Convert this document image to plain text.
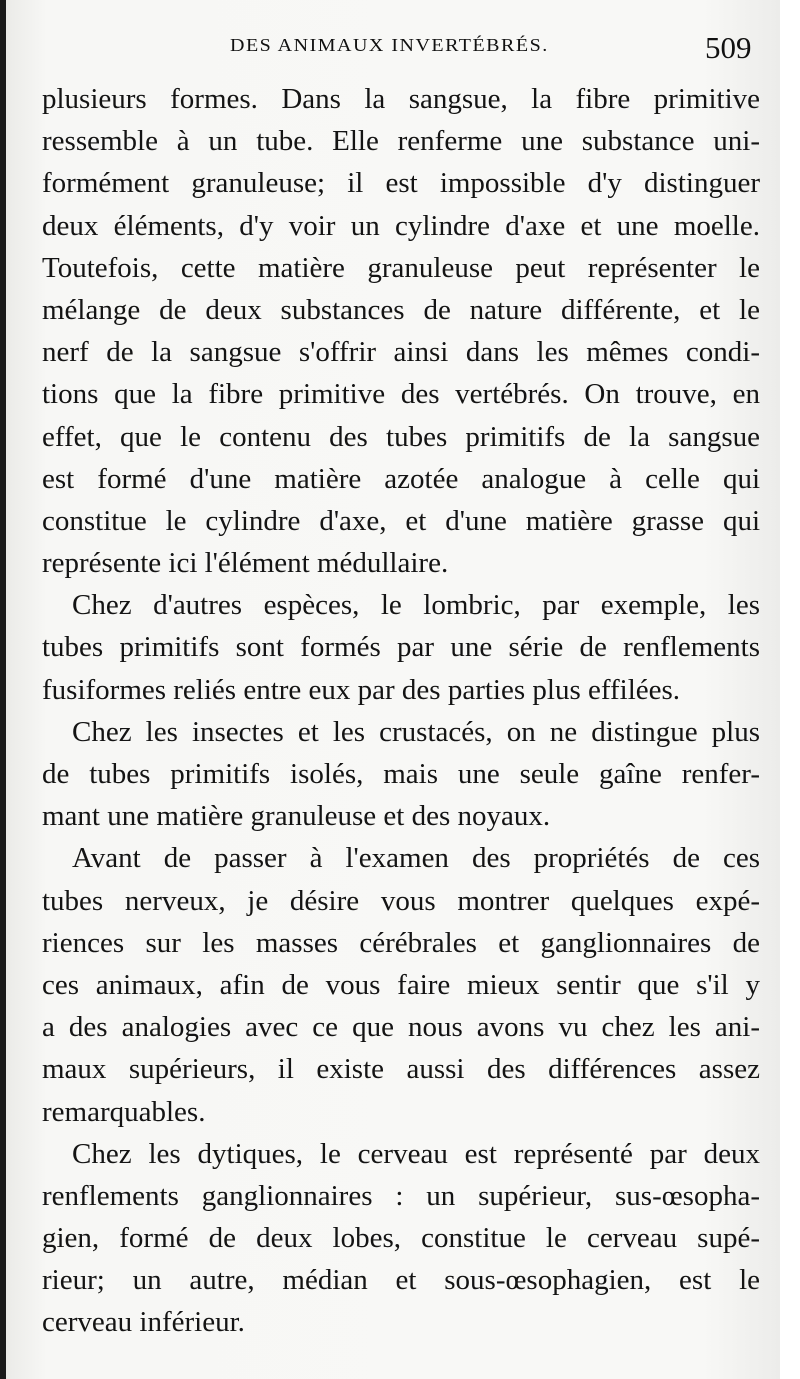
DES ANIMAUX INVERTÉBRÉS.	509
plusieurs formes. Dans la sangsue, la fibre primitive
ressemble à un tube. Elle renferme une substance uni-
formément granuleuse; il est impossible d'y distinguer
deux éléments, d'y voir un cylindre d'axe et une moelle.
Toutefois, cette matière granuleuse peut représenter le
mélange de deux substances de nature différente, et le
nerf de la sangsue s'offrir ainsi dans les mêmes condi-
tions que la fibre primitive des vertébrés. On trouve, en
effet, que le contenu des tubes primitifs de la sangsue
est formé d'une matière azotée analogue à celle qui
constitue le cylindre d'axe, et d'une matière grasse qui
représente ici l'élément médullaire.
Chez d'autres espèces, le lombric, par exemple, les
tubes primitifs sont formés par une série de renflements
fusiformes reliés entre eux par des parties plus effilées.
Chez les insectes et les crustacés, on ne distingue plus
de tubes primitifs isolés, mais une seule gaîne renfer-
mant une matière granuleuse et des noyaux.
Avant de passer à l'examen des propriétés de ces
tubes nerveux, je désire vous montrer quelques expé-
riences sur les masses cérébrales et ganglionnaires de
ces animaux, afin de vous faire mieux sentir que s'il y
a des analogies avec ce que nous avons vu chez les ani-
maux supérieurs, il existe aussi des différences assez
remarquables.
Chez les dytiques, le cerveau est représenté par deux
renflements ganglionnaires : un supérieur, sus-œsopha-
gien, formé de deux lobes, constitue le cerveau supé-
rieur; un autre, médian et sous-œsophagien, est le
cerveau inférieur.
